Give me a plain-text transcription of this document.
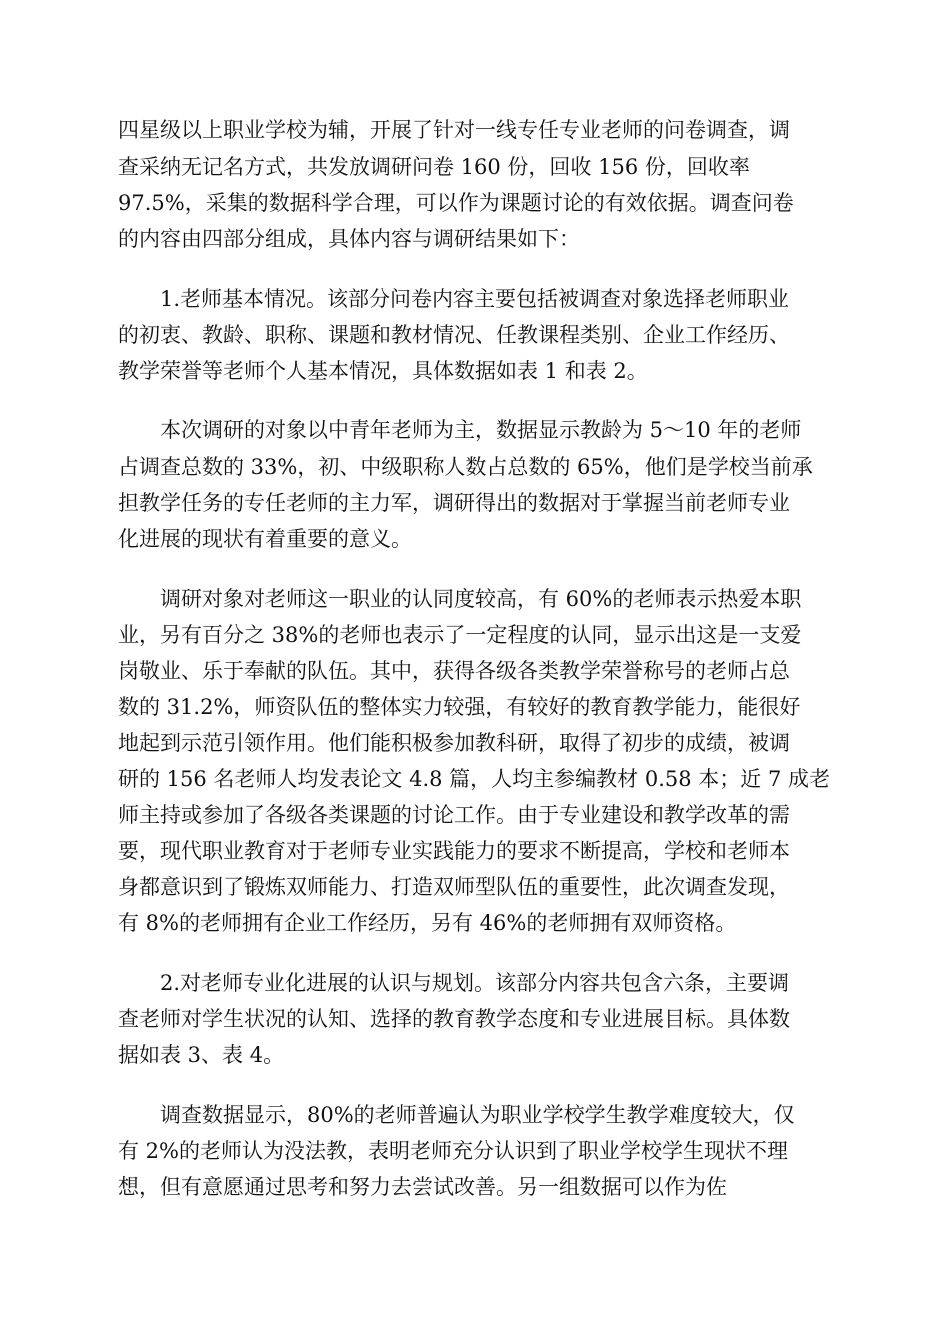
四星级以上职业学校为辅，开展了针对一线专任专业老师的问卷调查，调
查采纳无记名方式，共发放调研问卷 160 份，回收 156 份，回收率
97.5%，采集的数据科学合理，可以作为课题讨论的有效依据。调查问卷
的内容由四部分组成，具体内容与调研结果如下：
1.老师基本情况。该部分问卷内容主要包括被调查对象选择老师职业
的初衷、教龄、职称、课题和教材情况、任教课程类别、企业工作经历、
教学荣誉等老师个人基本情况，具体数据如表 1 和表 2。
本次调研的对象以中青年老师为主，数据显示教龄为 5～10 年的老师
占调查总数的 33%，初、中级职称人数占总数的 65%，他们是学校当前承
担教学任务的专任老师的主力军，调研得出的数据对于掌握当前老师专业
化进展的现状有着重要的意义。
调研对象对老师这一职业的认同度较高，有 60%的老师表示热爱本职
业，另有百分之 38%的老师也表示了一定程度的认同，显示出这是一支爱
岗敬业、乐于奉献的队伍。其中，获得各级各类教学荣誉称号的老师占总
数的 31.2%，师资队伍的整体实力较强，有较好的教育教学能力，能很好
地起到示范引领作用。他们能积极参加教科研，取得了初步的成绩，被调
研的 156 名老师人均发表论文 4.8 篇，人均主参编教材 0.58 本；近 7 成老
师主持或参加了各级各类课题的讨论工作。由于专业建设和教学改革的需
要，现代职业教育对于老师专业实践能力的要求不断提高，学校和老师本
身都意识到了锻炼双师能力、打造双师型队伍的重要性，此次调查发现，
有 8%的老师拥有企业工作经历，另有 46%的老师拥有双师资格。
2.对老师专业化进展的认识与规划。该部分内容共包含六条，主要调
查老师对学生状况的认知、选择的教育教学态度和专业进展目标。具体数
据如表 3、表 4。
调查数据显示，80%的老师普遍认为职业学校学生教学难度较大，仅
有 2%的老师认为没法教，表明老师充分认识到了职业学校学生现状不理
想，但有意愿通过思考和努力去尝试改善。另一组数据可以作为佐
